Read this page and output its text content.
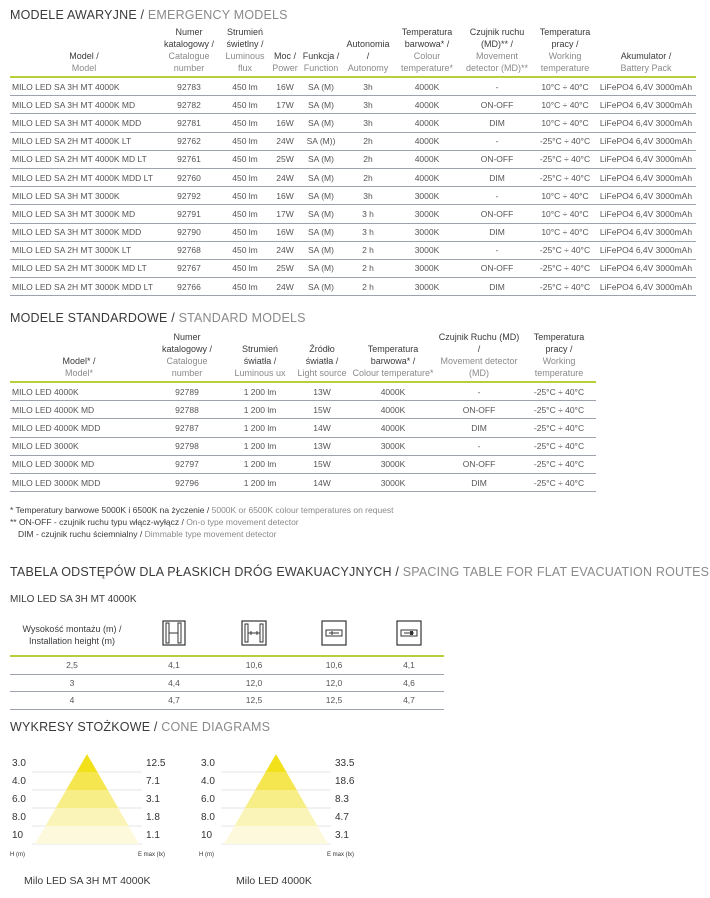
MODELE AWARYJNE / EMERGENCY MODELS
Model /
Model	Numer katalogowy /
Catalogue number	Strumień świetlny /
Luminous flux	Moc /
Power	Funkcja /
Function	Autonomia /
Autonomy	Temperatura barwowa* /
Colour temperature*	Czujnik ruchu (MD)** /
Movement detector (MD)**	Temperatura pracy /
Working temperature	Akumulator /
Battery Pack

MILO LED SA 3H MT 4000K	92783	450 lm	16W	SA (M)	3h	4000K	-	10°C ÷ 40°C	LiFePO4 6,4V 3000mAh
MILO LED SA 3H MT 4000K MD	92782	450 lm	17W	SA (M)	3h	4000K	ON-OFF	10°C ÷ 40°C	LiFePO4 6,4V 3000mAh
MILO LED SA 3H MT 4000K MDD	92781	450 lm	16W	SA (M)	3h	4000K	DIM	10°C ÷ 40°C	LiFePO4 6,4V 3000mAh
MILO LED SA 2H MT 4000K LT	92762	450 lm	24W	SA (M))	2h	4000K	-	-25°C ÷ 40°C	LiFePO4 6,4V 3000mAh
MILO LED SA 2H MT 4000K MD LT	92761	450 lm	25W	SA (M)	2h	4000K	ON-OFF	-25°C ÷ 40°C	LiFePO4 6,4V 3000mAh
MILO LED SA 2H MT 4000K MDD LT	92760	450 lm	24W	SA (M)	2h	4000K	DIM	-25°C ÷ 40°C	LiFePO4 6,4V 3000mAh
MILO LED SA 3H MT 3000K	92792	450 lm	16W	SA (M)	3h	3000K	-	10°C ÷ 40°C	LiFePO4 6,4V 3000mAh
MILO LED SA 3H MT 3000K MD	92791	450 lm	17W	SA (M)	3 h	3000K	ON-OFF	10°C ÷ 40°C	LiFePO4 6,4V 3000mAh
MILO LED SA 3H MT 3000K MDD	92790	450 lm	16W	SA (M)	3 h	3000K	DIM	10°C ÷ 40°C	LiFePO4 6,4V 3000mAh
MILO LED SA 2H MT 3000K LT	92768	450 lm	24W	SA (M)	2 h	3000K	-	-25°C ÷ 40°C	LiFePO4 6,4V 3000mAh
MILO LED SA 2H MT 3000K MD LT	92767	450 lm	25W	SA (M)	2 h	3000K	ON-OFF	-25°C ÷ 40°C	LiFePO4 6,4V 3000mAh
MILO LED SA 2H MT 3000K MDD LT	92766	450 lm	24W	SA (M)	2 h	3000K	DIM	-25°C ÷ 40°C	LiFePO4 6,4V 3000mAh
MODELE STANDARDOWE / STANDARD MODELS
Model* /
Model*	Numer katalogowy /
Catalogue number	Strumień światła /
Luminous ux	Źródło światła /
Light source	Temperatura barwowa* /
Colour temperature*	Czujnik Ruchu (MD) /
Movement detector (MD)	Temperatura pracy /
Working temperature

MILO LED 4000K	92789	1 200 lm	13W	4000K	-	-25°C ÷ 40°C
MILO LED 4000K MD	92788	1 200 lm	15W	4000K	ON-OFF	-25°C ÷ 40°C
MILO LED 4000K MDD	92787	1 200 lm	14W	4000K	DIM	-25°C ÷ 40°C
MILO LED 3000K	92798	1 200 lm	13W	3000K	-	-25°C ÷ 40°C
MILO LED 3000K MD	92797	1 200 lm	15W	3000K	ON-OFF	-25°C ÷ 40°C
MILO LED 3000K MDD	92796	1 200 lm	14W	3000K	DIM	-25°C ÷ 40°C
* Temperatury barwowe 5000K i 6500K na życzenie / 5000K or 6500K colour temperatures on request
** ON-OFF - czujnik ruchu typu włącz-wyłącz / On-o type movement detector
DIM - czujnik ruchu ściemnialny / Dimmable type movement detector
TABELA ODSTĘPÓW DLA PŁASKICH DRÓG EWAKUACYJNYCH / SPACING TABLE FOR FLAT EVACUATION ROUTES
MILO LED SA 3H MT 4000K
Wysokość montażu (m) /
Installation height (m)

2,5	4,1	10,6	10,6	4,1
3	4,4	12,0	12,0	4,6
4	4,7	12,5	12,5	4,7
WYKRESY STOŻKOWE / CONE DIAGRAMS
3.0	12.5
4.0	7.1
6.0	3.1
8.0	1.8
10	1.1
H (m)	E max (lx)
3.0	33.5
4.0	18.6
6.0	8.3
8.0	4.7
10	3.1
H (m)	E max (lx)
Milo LED SA 3H MT 4000K	Milo LED 4000K
